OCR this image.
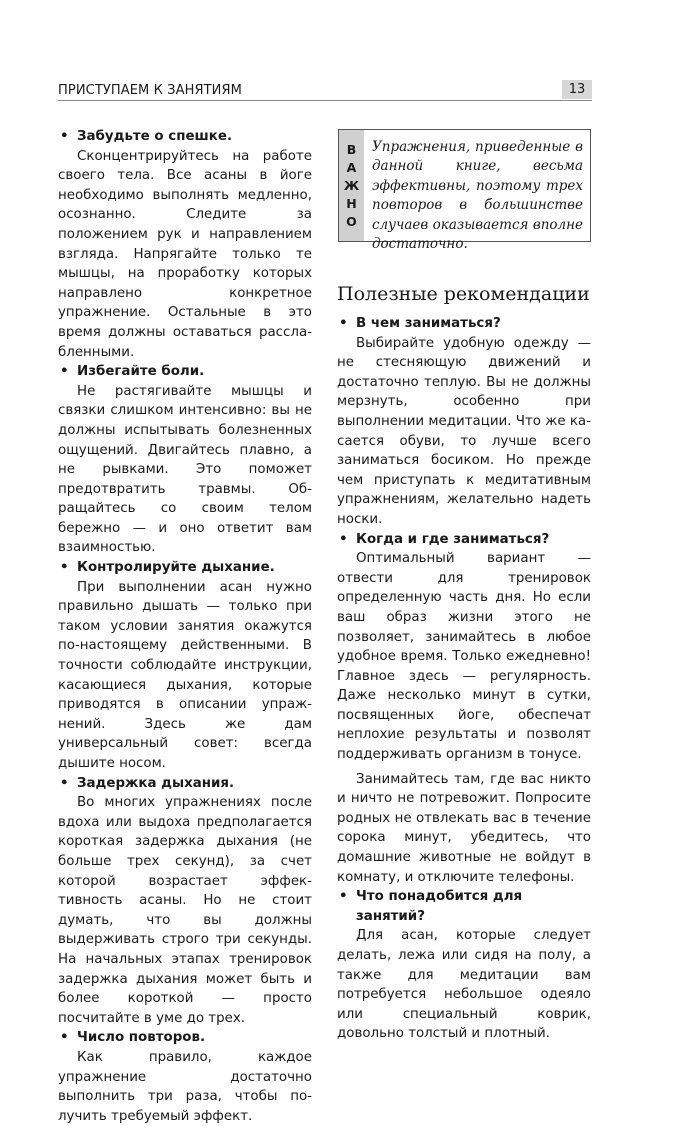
ПРИСТУПАЕМ К ЗАНЯТИЯМ	13
• Забудьте о спешке.

Сконцентрируйтесь на работе своего тела. Все асаны в йоге необходимо выполнять медленно, осознанно. Следите за положением рук и направлением взгляда. Напрягайте только те мышцы, на проработку которых направлено конкретное упражнение. Остальные в это время должны оставаться расслабленными.

• Избегайте боли.

Не растягивайте мышцы и связки слишком интенсивно: вы не должны испытывать болезненных ощущений. Двигайтесь плавно, а не рывками. Это поможет предотвратить травмы. Обращайтесь со своим телом бережно — и оно ответит вам взаимностью.

• Контролируйте дыхание.

При выполнении асан нужно правильно дышать — только при таком условии занятия окажутся по-настоящему действенными. В точности соблюдайте инструкции, касающиеся дыхания, которые приводятся в описании упражнений. Здесь же дам универсальный совет: всегда дышите носом.

• Задержка дыхания.

Во многих упражнениях после вдоха или выдоха предполагается короткая задержка дыхания (не больше трех секунд), за счет которой возрастает эффективность асаны. Но не стоит думать, что вы должны выдерживать строго три секунды. На начальных этапах тренировок задержка дыхания может быть и более короткой — просто посчитайте в уме до трех.

• Число повторов.

Как правило, каждое упражнение достаточно выполнить три раза, чтобы получить требуемый эффект.

В
А
Ж
Н
О
Упражнения, приведенные в данной книге, весьма эффективны, поэтому трех повторов в большинстве случаев оказывается вполне достаточно.
Полезные рекомендации
• В чем заниматься?

Выбирайте удобную одежду — не стесняющую движений и достаточно теплую. Вы не должны мерзнуть, особенно при выполнении медитации. Что же касается обуви, то лучше всего заниматься босиком. Но прежде чем приступать к медитативным упражнениям, желательно надеть носки.

• Когда и где заниматься?

Оптимальный вариант — отвести для тренировок определенную часть дня. Но если ваш образ жизни этого не позволяет, занимайтесь в любое удобное время. Только ежедневно! Главное здесь — регулярность. Даже несколько минут в сутки, посвященных йоге, обеспечат неплохие результаты и позволят поддерживать организм в тонусе.

Занимайтесь там, где вас никто и ничто не потревожит. Попросите родных не отвлекать вас в течение сорока минут, убедитесь, что домашние животные не войдут в комнату, и отключите телефоны.

• Что понадобится для занятий?

Для асан, которые следует делать, лежа или сидя на полу, а также для медитации вам потребуется небольшое одеяло или специальный коврик, довольно толстый и плотный.
